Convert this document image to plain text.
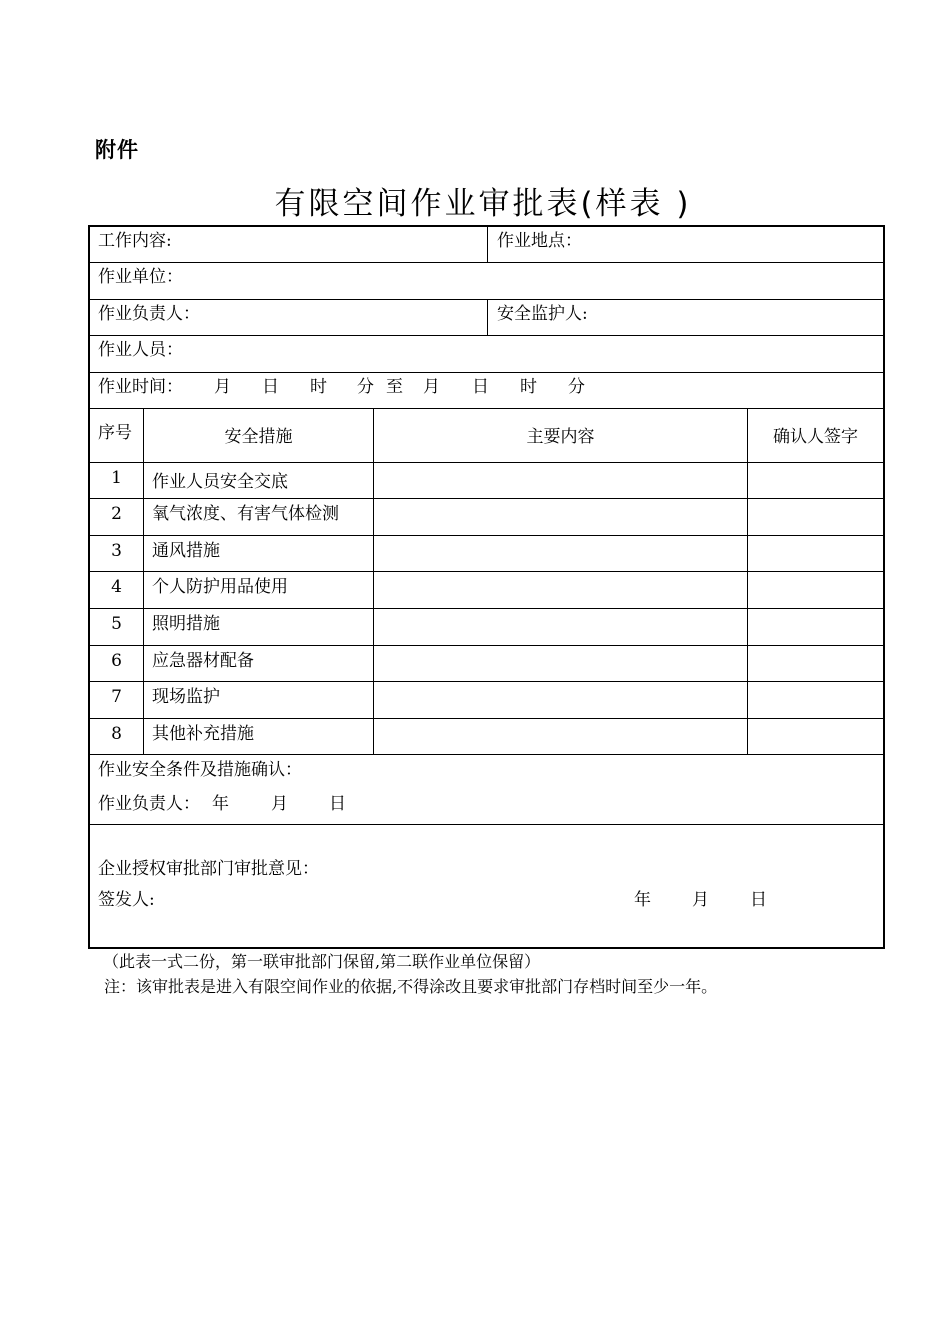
附件
有限空间作业审批表(样表 )
工作内容:	作业地点：
作业单位：
作业负责人：	安全监护人:
作业人员：
作业时间： 月 日 时 分 至 月 日 时 分
序号	安全措施	主要内容	确认人签字
1	作业人员安全交底
2	氧气浓度、有害气体检测
3	通风措施
4	个人防护用品使用
5	照明措施
6	应急器材配备
7	现场监护
8	其他补充措施
作业安全条件及措施确认：
作业负责人： 年 月 日
企业授权审批部门审批意见：
签发人:	年 月 日
（此表一式二份，第一联审批部门保留,第二联作业单位保留）
注：该审批表是进入有限空间作业的依据,不得涂改且要求审批部门存档时间至少一年。
